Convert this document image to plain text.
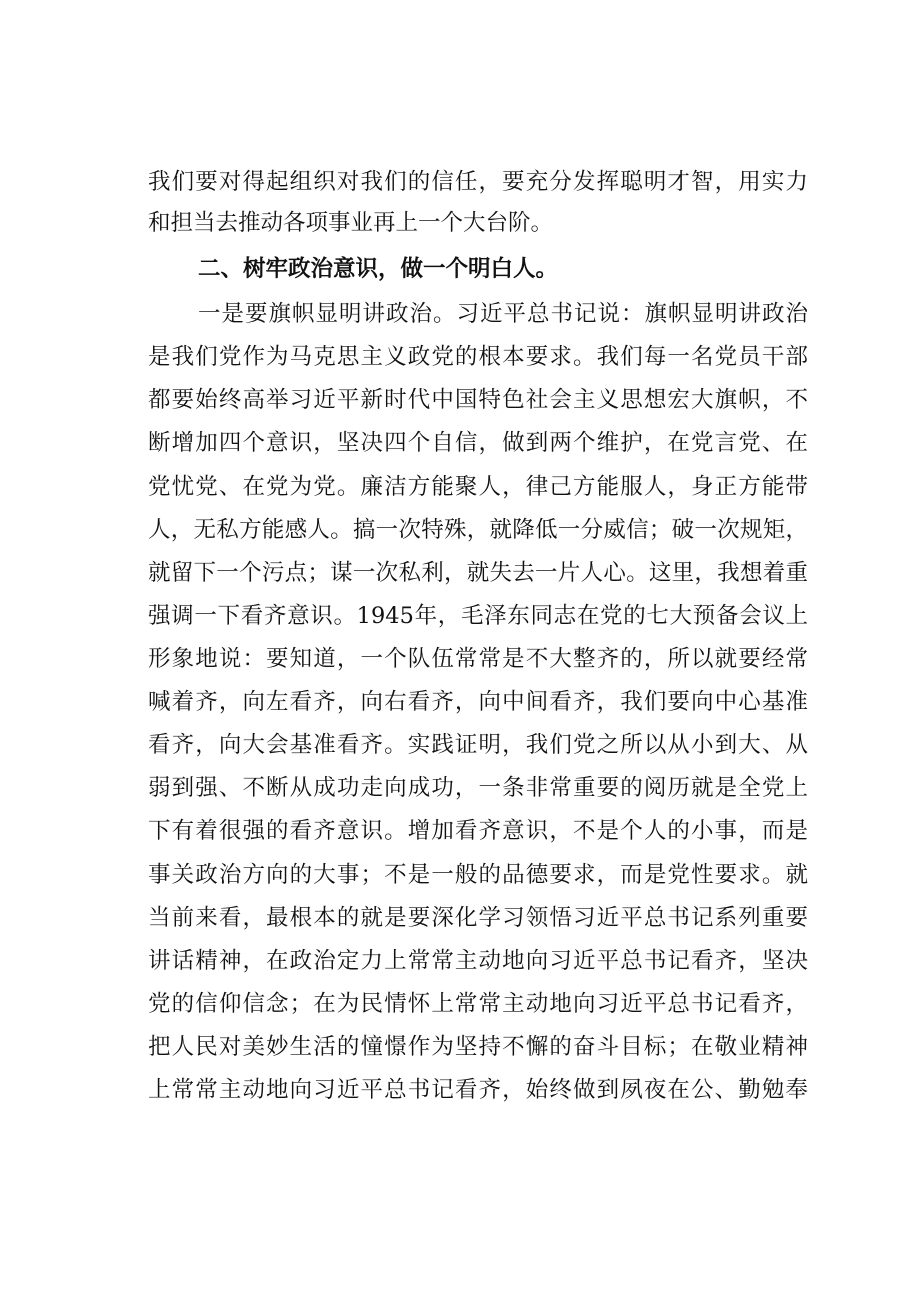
我们要对得起组织对我们的信任，要充分发挥聪明才智，用实力
和担当去推动各项事业再上一个大台阶。
二、树牢政治意识，做一个明白人。
一是要旗帜显明讲政治。习近平总书记说：旗帜显明讲政治
是我们党作为马克思主义政党的根本要求。我们每一名党员干部
都要始终高举习近平新时代中国特色社会主义思想宏大旗帜，不
断增加四个意识，坚决四个自信，做到两个维护，在党言党、在
党忧党、在党为党。廉洁方能聚人，律己方能服人，身正方能带
人，无私方能感人。搞一次特殊，就降低一分威信；破一次规矩，
就留下一个污点；谋一次私利，就失去一片人心。这里，我想着重
强调一下看齐意识。1945年，毛泽东同志在党的七大预备会议上
形象地说：要知道，一个队伍常常是不大整齐的，所以就要经常
喊着齐，向左看齐，向右看齐，向中间看齐，我们要向中心基准
看齐，向大会基准看齐。实践证明，我们党之所以从小到大、从
弱到强、不断从成功走向成功，一条非常重要的阅历就是全党上
下有着很强的看齐意识。增加看齐意识，不是个人的小事，而是
事关政治方向的大事；不是一般的品德要求，而是党性要求。就
当前来看，最根本的就是要深化学习领悟习近平总书记系列重要
讲话精神，在政治定力上常常主动地向习近平总书记看齐，坚决
党的信仰信念；在为民情怀上常常主动地向习近平总书记看齐，
把人民对美妙生活的憧憬作为坚持不懈的奋斗目标；在敬业精神
上常常主动地向习近平总书记看齐，始终做到夙夜在公、勤勉奉
